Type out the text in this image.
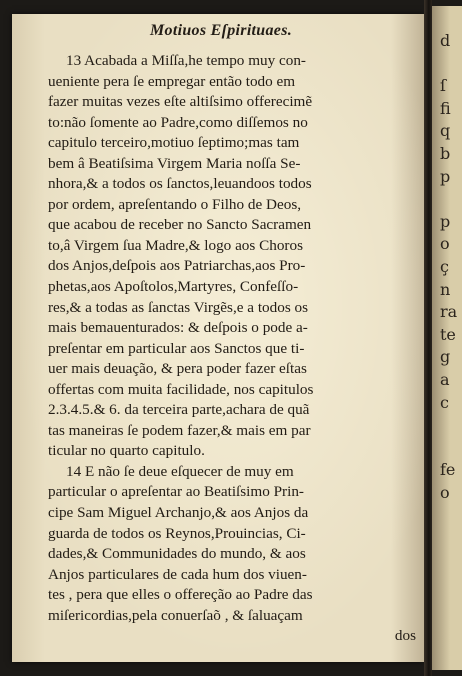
d
ſ
fi
q
b
p
p
o
ç
n
ra
te
g
a
c
fe
o
Motiuos Eſpirituaes.
13 Acabada a Miſſa,he tempo muy con-
ueniente pera ſe empregar então todo em
fazer muitas vezes eſte altiſsimo offerecimẽ
to:não ſomente ao Padre,como diſſemos no
capitulo terceiro,motiuo ſeptimo;mas tam
bem â Beatiſsima Virgem Maria noſſa Se-
nhora,& a todos os ſanctos,leuandoos todos
por ordem, apreſentando o Filho de Deos,
que acabou de receber no Sancto Sacramen
to,â Virgem ſua Madre,& logo aos Choros
dos Anjos,deſpois aos Patriarchas,aos Pro-
phetas,aos Apoſtolos,Martyres, Confeſſo-
res,& a todas as ſanctas Virgẽs,e a todos os
mais bemauenturados: & deſpois o pode a-
preſentar em particular aos Sanctos que ti-
uer mais deuação, & pera poder fazer eſtas
offertas com muita facilidade, nos capitulos
2.3.4.5.& 6. da terceira parte,achara de quã
tas maneiras ſe podem fazer,& mais em par
ticular no quarto capitulo.
14 E não ſe deue eſquecer de muy em
particular o apreſentar ao Beatiſsimo Prin-
cipe Sam Miguel Archanjo,& aos Anjos da
guarda de todos os Reynos,Prouincias, Ci-
dades,& Communidades do mundo, & aos
Anjos particulares de cada hum dos viuen-
tes , pera que elles o offereção ao Padre das
miſericordias,pela conuerſaõ , & ſaluaçam
dos
